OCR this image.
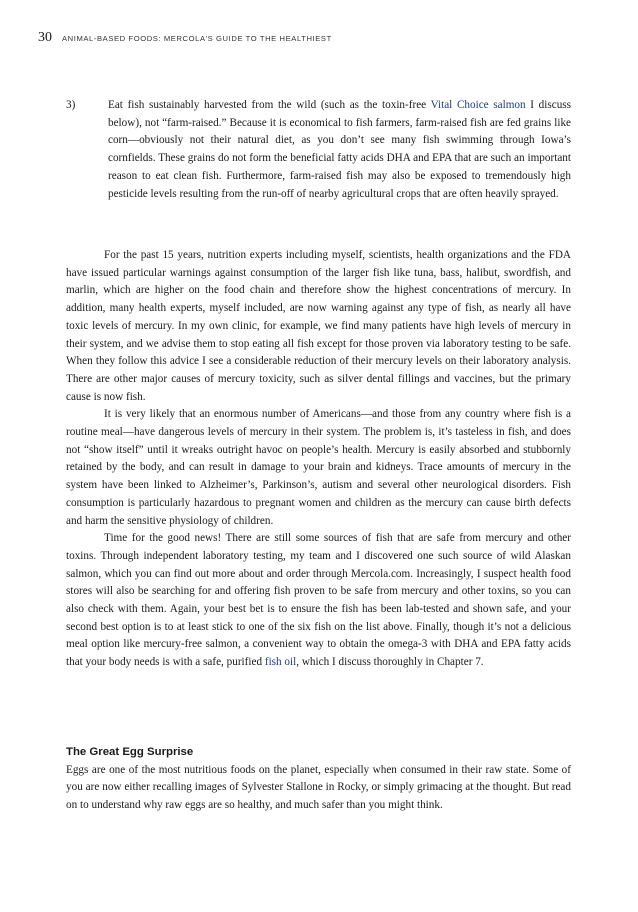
30 ANIMAL-BASED FOODS: MERCOLA'S GUIDE TO THE HEALTHIEST
3)	Eat fish sustainably harvested from the wild (such as the toxin-free Vital Choice salmon I discuss below), not “farm-raised.” Because it is economical to fish farmers, farm-raised fish are fed grains like corn—obviously not their natural diet, as you don’t see many fish swimming through Iowa’s cornfields. These grains do not form the beneficial fatty acids DHA and EPA that are such an important reason to eat clean fish. Furthermore, farm-raised fish may also be exposed to tremendously high pesticide levels resulting from the run-off of nearby agricultural crops that are often heavily sprayed.

For the past 15 years, nutrition experts including myself, scientists, health organizations and the FDA have issued particular warnings against consumption of the larger fish like tuna, bass, halibut, swordfish, and marlin, which are higher on the food chain and therefore show the highest concentrations of mercury. In addition, many health experts, myself included, are now warning against any type of fish, as nearly all have toxic levels of mercury. In my own clinic, for example, we find many patients have high levels of mercury in their system, and we advise them to stop eating all fish except for those proven via laboratory testing to be safe. When they follow this advice I see a considerable reduction of their mercury levels on their laboratory analysis. There are other major causes of mercury toxicity, such as silver dental fillings and vaccines, but the primary cause is now fish.

It is very likely that an enormous number of Americans—and those from any country where fish is a routine meal—have dangerous levels of mercury in their system. The problem is, it’s tasteless in fish, and does not “show itself” until it wreaks outright havoc on people’s health. Mercury is easily absorbed and stubbornly retained by the body, and can result in damage to your brain and kidneys. Trace amounts of mercury in the system have been linked to Alzheimer’s, Parkinson’s, autism and several other neurological disorders. Fish consumption is particularly hazardous to pregnant women and children as the mercury can cause birth defects and harm the sensitive physiology of children.

Time for the good news! There are still some sources of fish that are safe from mercury and other toxins. Through independent laboratory testing, my team and I discovered one such source of wild Alaskan salmon, which you can find out more about and order through Mercola.com. Increasingly, I suspect health food stores will also be searching for and offering fish proven to be safe from mercury and other toxins, so you can also check with them. Again, your best bet is to ensure the fish has been lab-tested and shown safe, and your second best option is to at least stick to one of the six fish on the list above. Finally, though it’s not a delicious meal option like mercury-free salmon, a convenient way to obtain the omega-3 with DHA and EPA fatty acids that your body needs is with a safe, purified fish oil, which I discuss thoroughly in Chapter 7.

The Great Egg Surprise

Eggs are one of the most nutritious foods on the planet, especially when consumed in their raw state. Some of you are now either recalling images of Sylvester Stallone in Rocky, or simply grimacing at the thought. But read on to understand why raw eggs are so healthy, and much safer than you might think.
